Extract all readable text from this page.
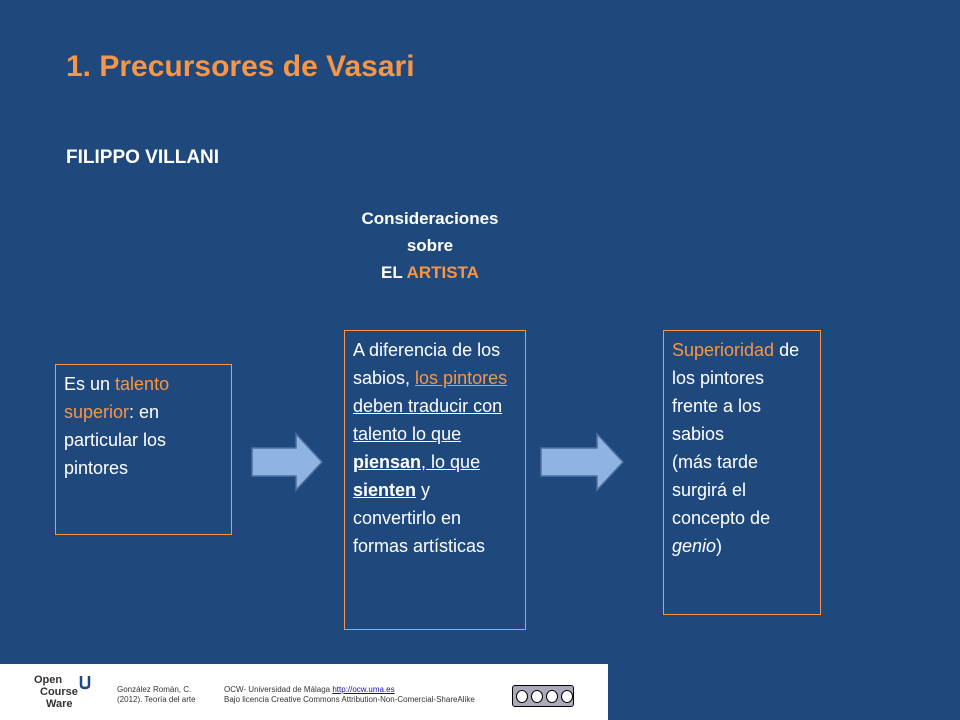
1. Precursores de Vasari
FILIPPO VILLANI
Consideraciones
sobre
EL ARTISTA
Es un talento superior: en particular los pintores
A diferencia de los sabios, los pintores deben traducir con talento lo que piensan, lo que sienten y convertirlo en formas artísticas
Superioridad de los pintores frente a los sabios
(más tarde surgirá el concepto de genio)
Open
Course
Ware
González Román, C.
(2012). Teoría del arte
OCW- Universidad de Málaga http://ocw.uma.es
Bajo licencia Creative Commons Attribution-Non-Comercial-ShareAlike
